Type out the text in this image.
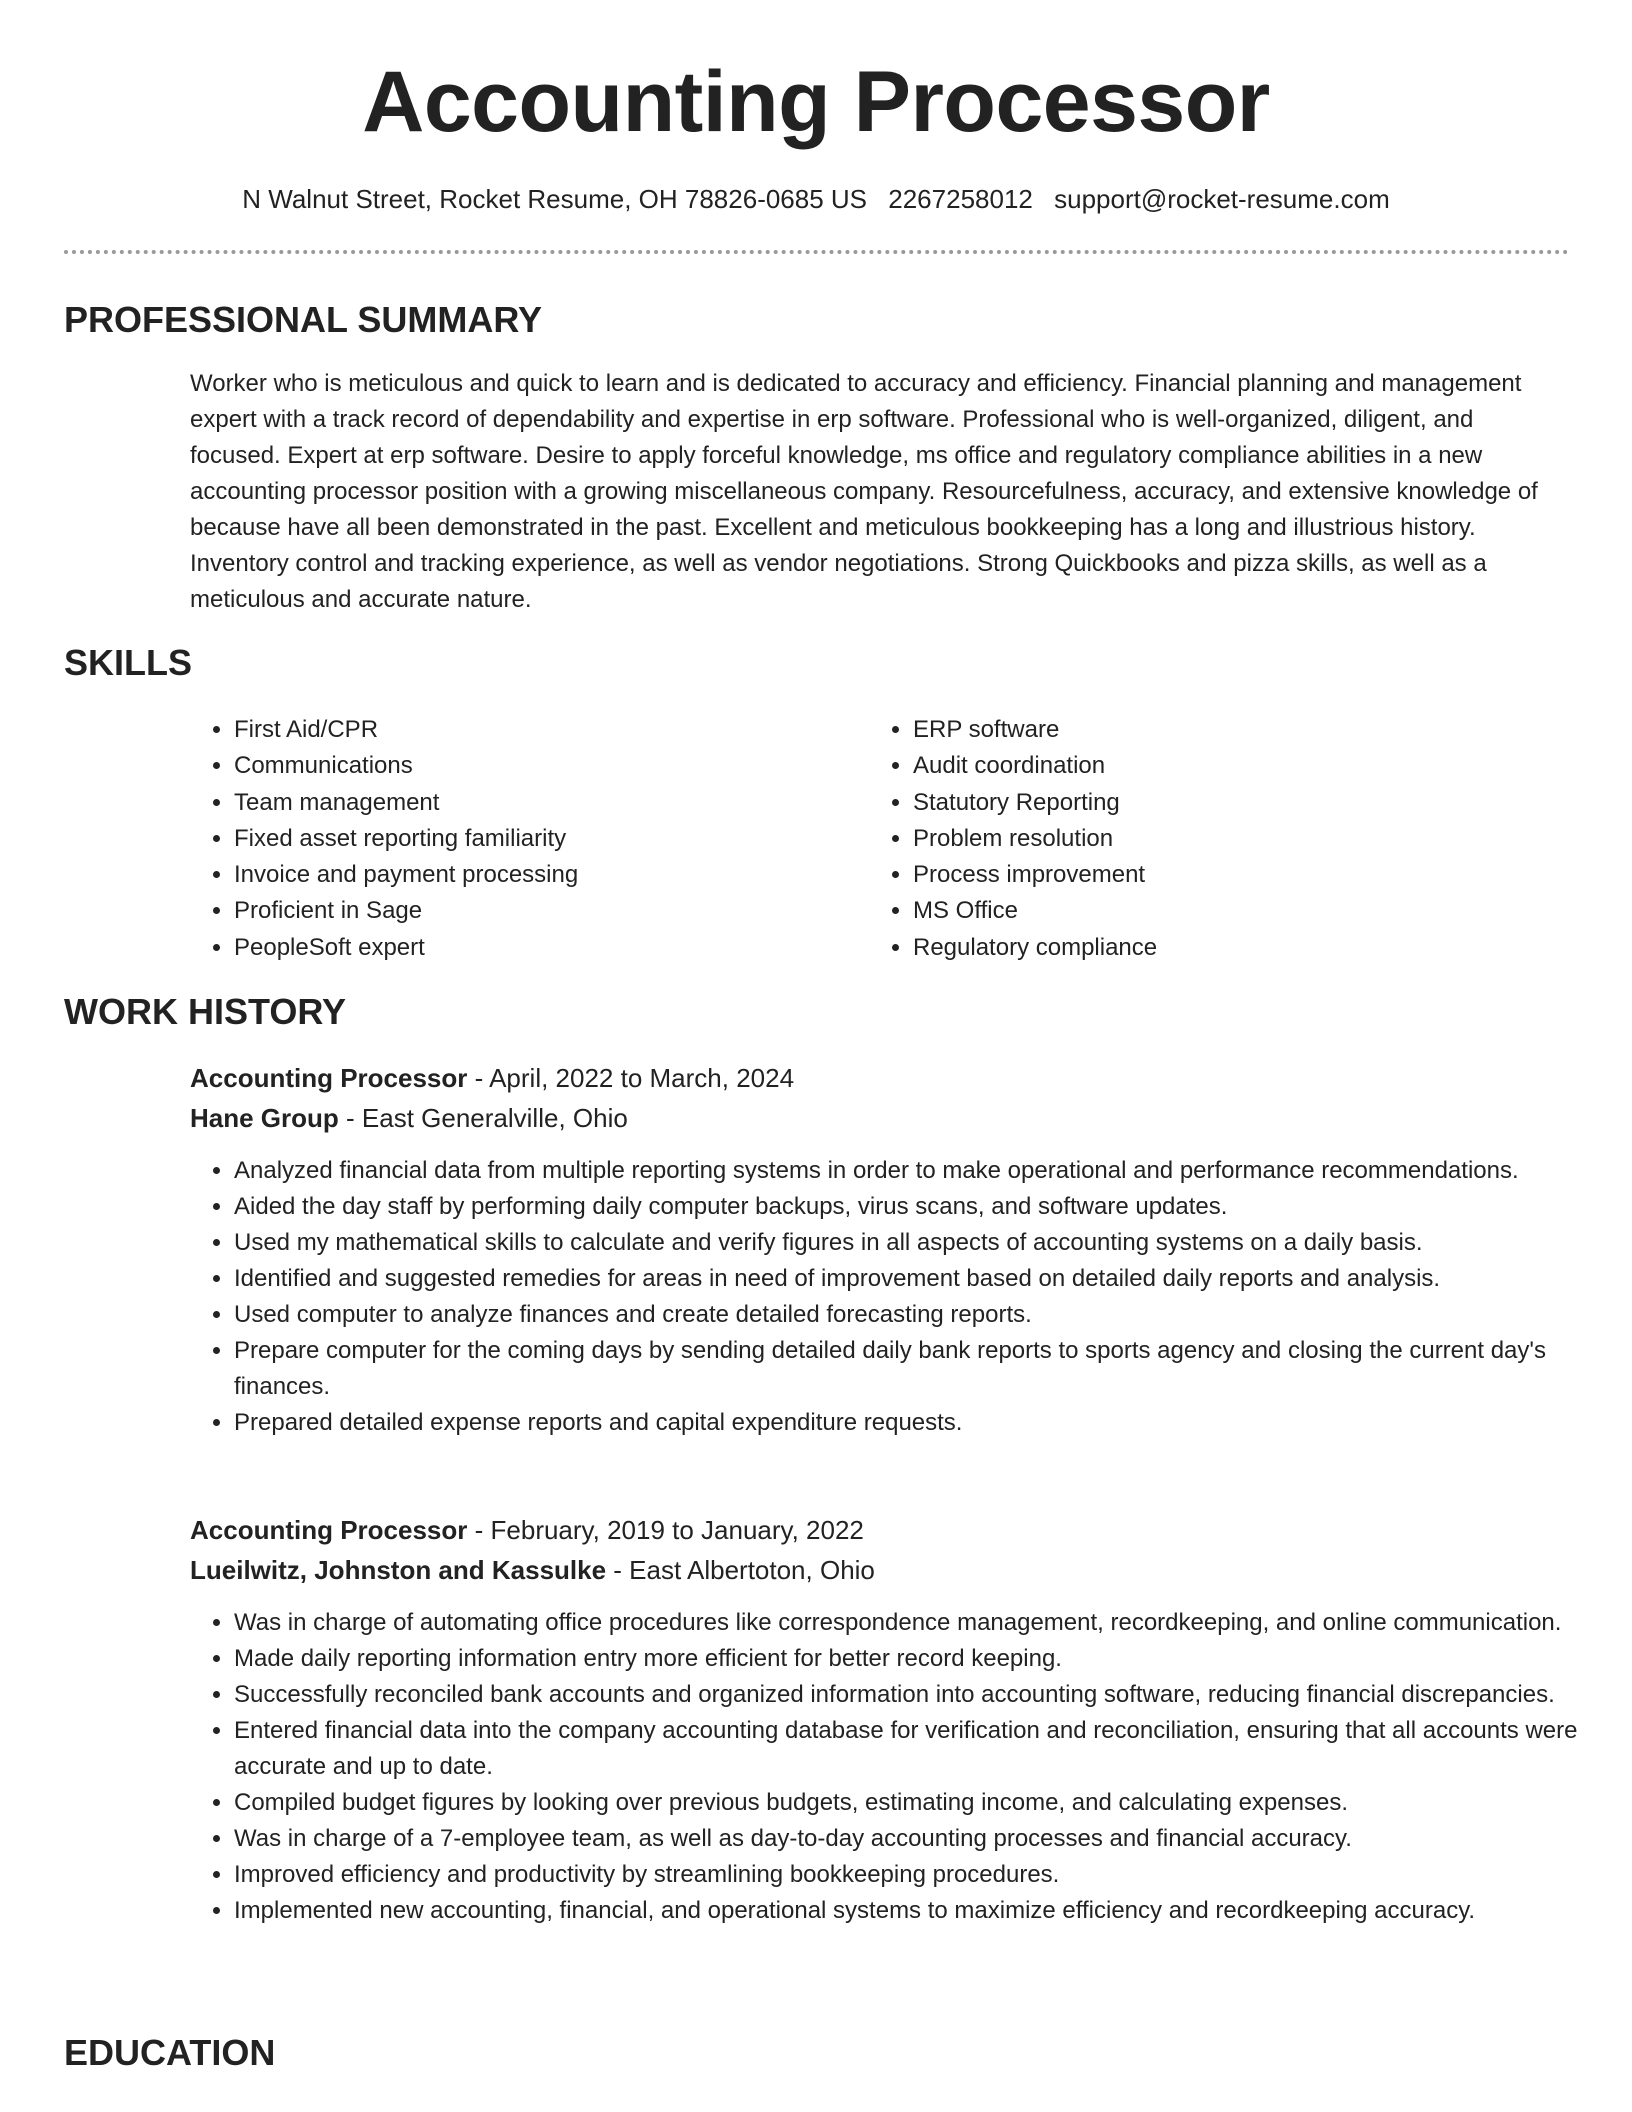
Accounting Processor
N Walnut Street, Rocket Resume, OH 78826-0685 US 2267258012 support@rocket-resume.com
PROFESSIONAL SUMMARY

Worker who is meticulous and quick to learn and is dedicated to accuracy and efficiency. Financial planning and management expert with a track record of dependability and expertise in erp software. Professional who is well-organized, diligent, and focused. Expert at erp software. Desire to apply forceful knowledge, ms office and regulatory compliance abilities in a new accounting processor position with a growing miscellaneous company. Resourcefulness, accuracy, and extensive knowledge of because have all been demonstrated in the past. Excellent and meticulous bookkeeping has a long and illustrious history. Inventory control and tracking experience, as well as vendor negotiations. Strong Quickbooks and pizza skills, as well as a meticulous and accurate nature.

SKILLS
• First Aid/CPR
• Communications
• Team management
• Fixed asset reporting familiarity
• Invoice and payment processing
• Proficient in Sage
• PeopleSoft expert
• ERP software
• Audit coordination
• Statutory Reporting
• Problem resolution
• Process improvement
• MS Office
• Regulatory compliance
WORK HISTORY
Accounting Processor - April, 2022 to March, 2024
Hane Group - East Generalville, Ohio
• Analyzed financial data from multiple reporting systems in order to make operational and performance recommendations.
• Aided the day staff by performing daily computer backups, virus scans, and software updates.
• Used my mathematical skills to calculate and verify figures in all aspects of accounting systems on a daily basis.
• Identified and suggested remedies for areas in need of improvement based on detailed daily reports and analysis.
• Used computer to analyze finances and create detailed forecasting reports.
• Prepare computer for the coming days by sending detailed daily bank reports to sports agency and closing the current day's finances.
• Prepared detailed expense reports and capital expenditure requests.
Accounting Processor - February, 2019 to January, 2022
Lueilwitz, Johnston and Kassulke - East Albertoton, Ohio
• Was in charge of automating office procedures like correspondence management, recordkeeping, and online communication.
• Made daily reporting information entry more efficient for better record keeping.
• Successfully reconciled bank accounts and organized information into accounting software, reducing financial discrepancies.
• Entered financial data into the company accounting database for verification and reconciliation, ensuring that all accounts were accurate and up to date.
• Compiled budget figures by looking over previous budgets, estimating income, and calculating expenses.
• Was in charge of a 7-employee team, as well as day-to-day accounting processes and financial accuracy.
• Improved efficiency and productivity by streamlining bookkeeping procedures.
• Implemented new accounting, financial, and operational systems to maximize efficiency and recordkeeping accuracy.
EDUCATION
